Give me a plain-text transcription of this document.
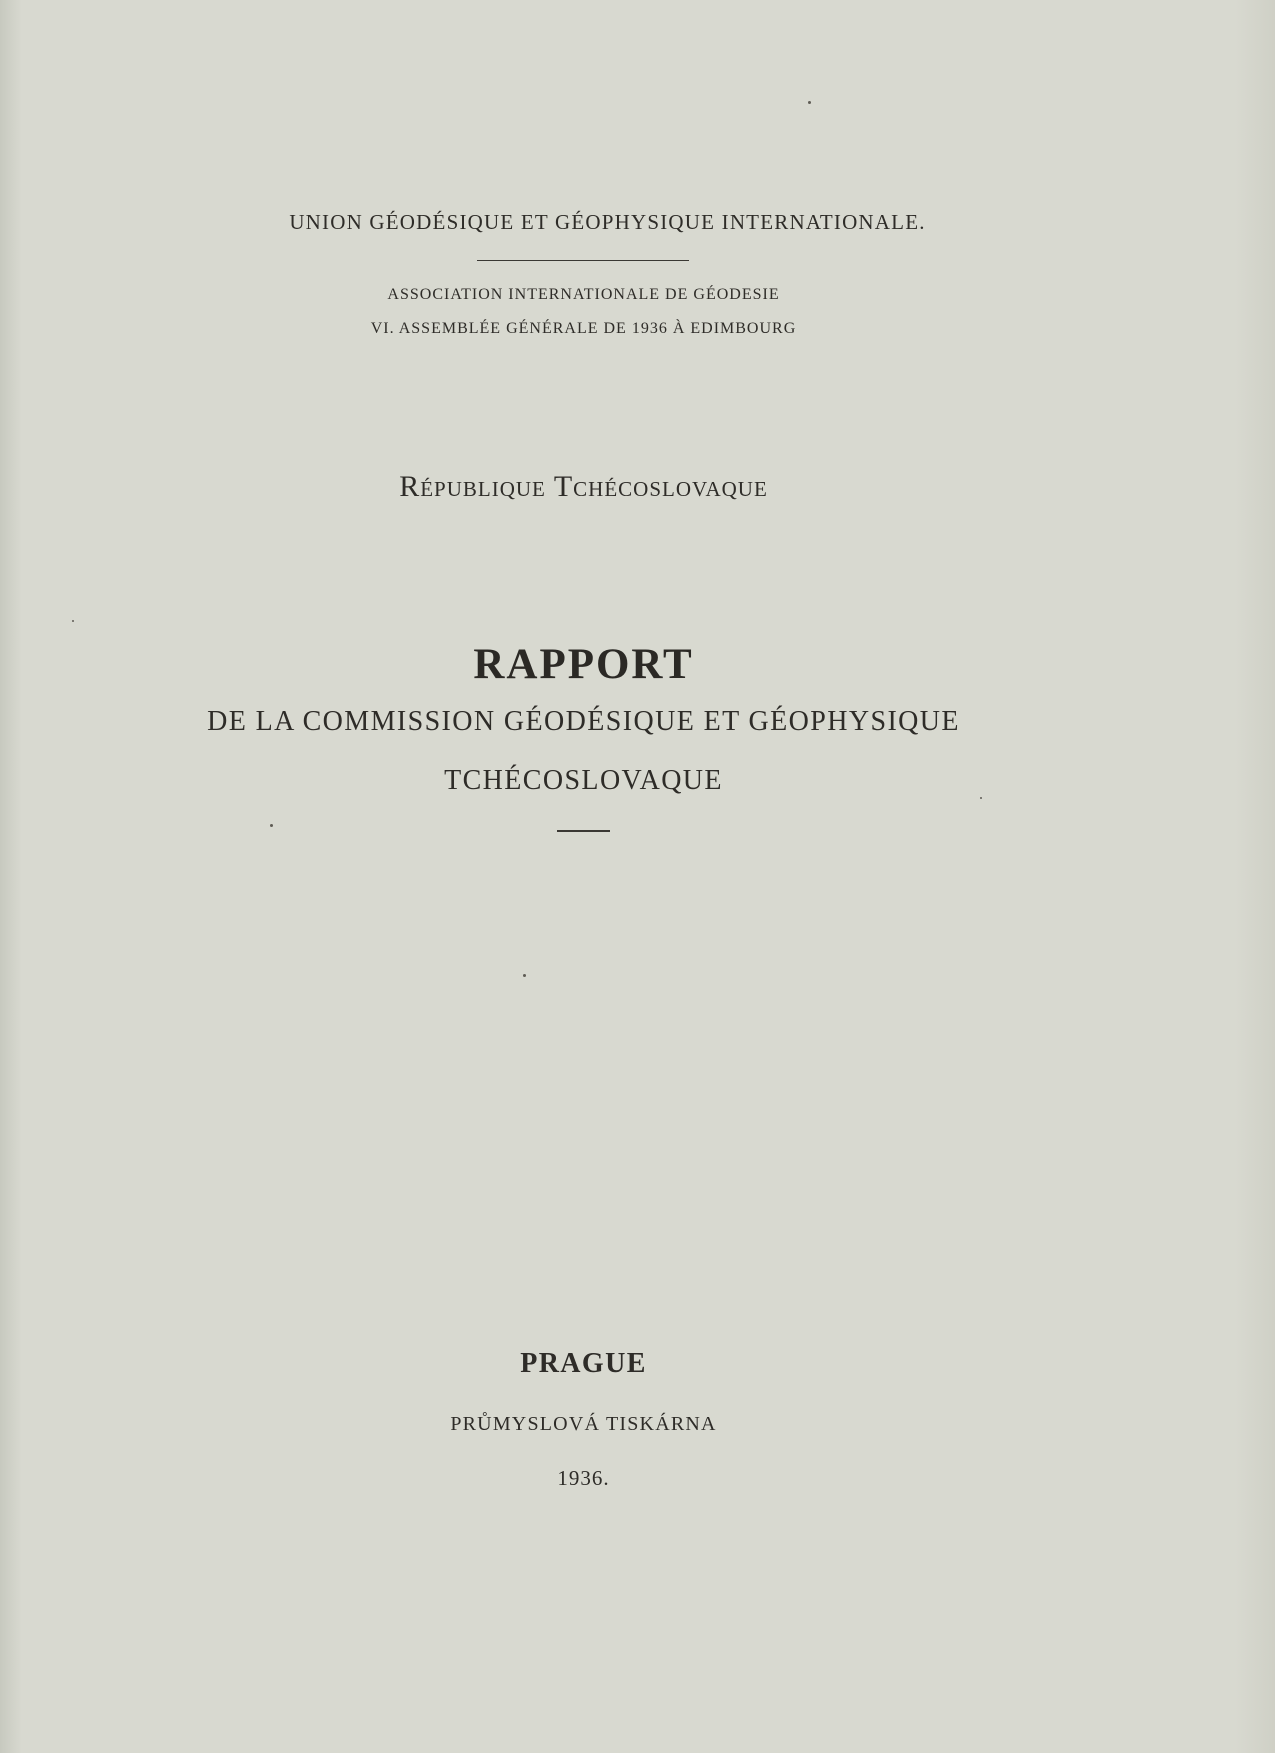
UNION GÉODÉSIQUE ET GÉOPHYSIQUE INTERNATIONALE.
ASSOCIATION INTERNATIONALE DE GÉODESIE
VI. ASSEMBLÉE GÉNÉRALE DE 1936 À EDIMBOURG
République Tchécoslovaque
RAPPORT
DE LA COMMISSION GÉODÉSIQUE ET GÉOPHYSIQUE
TCHÉCOSLOVAQUE
PRAGUE
PRŮMYSLOVÁ TISKÁRNA
1936.
